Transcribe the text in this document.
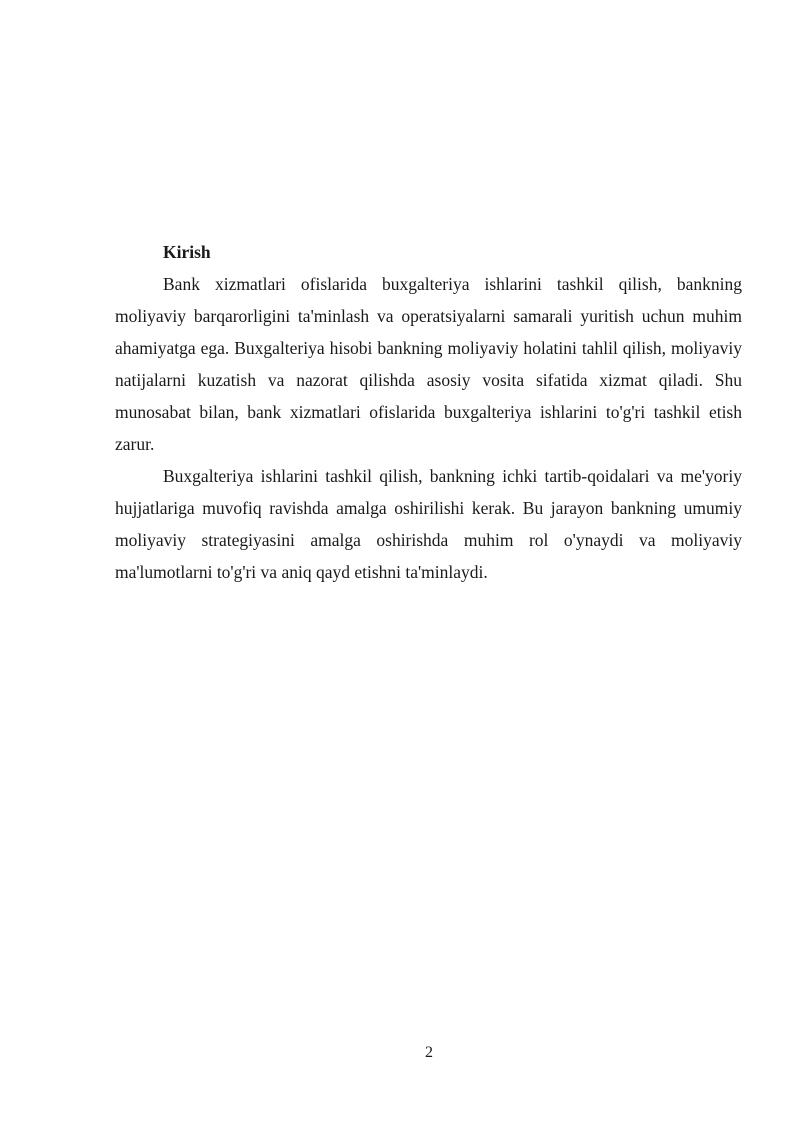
Kirish

Bank xizmatlari ofislarida buxgalteriya ishlarini tashkil qilish, bankning moliyaviy barqarorligini ta'minlash va operatsiyalarni samarali yuritish uchun muhim ahamiyatga ega. Buxgalteriya hisobi bankning moliyaviy holatini tahlil qilish, moliyaviy natijalarni kuzatish va nazorat qilishda asosiy vosita sifatida xizmat qiladi. Shu munosabat bilan, bank xizmatlari ofislarida buxgalteriya ishlarini to'g'ri tashkil etish zarur.

Buxgalteriya ishlarini tashkil qilish, bankning ichki tartib-qoidalari va me'yoriy hujjatlariga muvofiq ravishda amalga oshirilishi kerak. Bu jarayon bankning umumiy moliyaviy strategiyasini amalga oshirishda muhim rol o'ynaydi va moliyaviy ma'lumotlarni to'g'ri va aniq qayd etishni ta'minlaydi.

2
